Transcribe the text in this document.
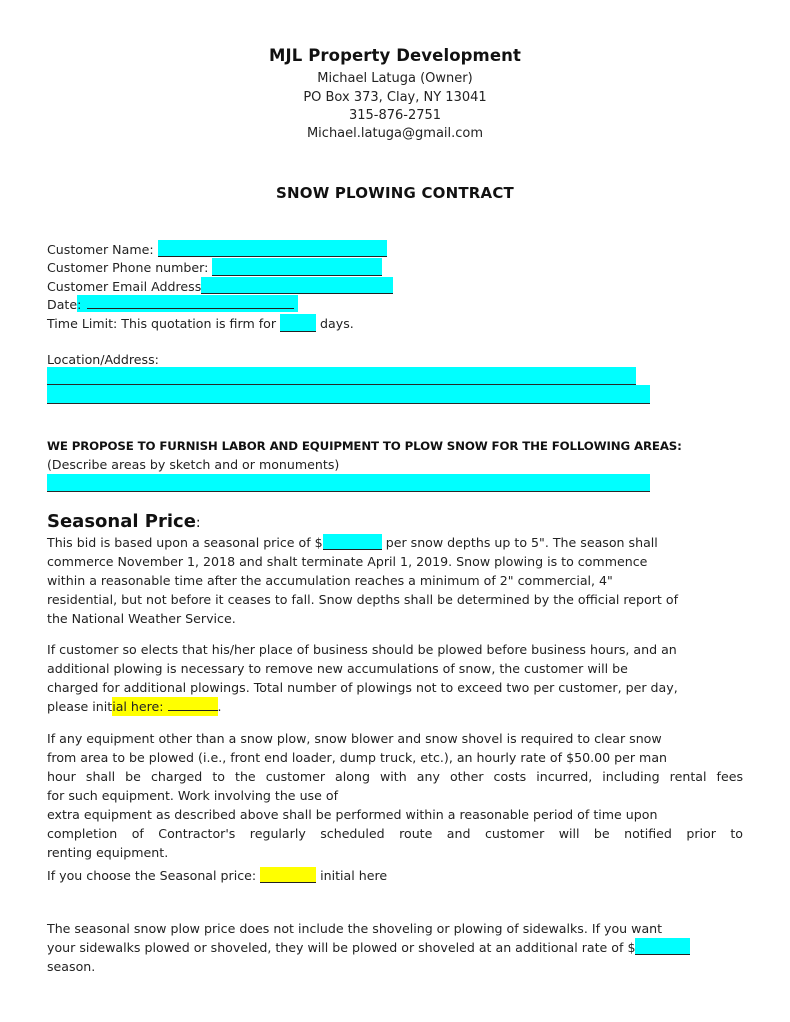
MJL Property Development
Michael Latuga (Owner)
PO Box 373, Clay, NY 13041
315-876-2751
Michael.latuga@gmail.com
SNOW PLOWING CONTRACT
Customer Name:
Customer Phone number:
Customer Email Address
Date:
Time Limit: This quotation is firm for	days.
Location/Address:
WE PROPOSE TO FURNISH LABOR AND EQUIPMENT TO PLOW SNOW FOR THE FOLLOWING AREAS:
(Describe areas by sketch and or monuments)
Seasonal Price:
This bid is based upon a seasonal price of $	per snow depths up to 5". The season shall
commerce November 1, 2018 and shalt terminate April 1, 2019. Snow plowing is to commence
within a reasonable time after the accumulation reaches a minimum of 2" commercial, 4"
residential, but not before it ceases to fall. Snow depths shall be determined by the official report of
the National Weather Service.
If customer so elects that his/her place of business should be plowed before business hours, and an
additional plowing is necessary to remove new accumulations of snow, the customer will be
charged for additional plowings. Total number of plowings not to exceed two per customer, per day,
please initial here:	.
If any equipment other than a snow plow, snow blower and snow shovel is required to clear snow
from area to be plowed (i.e., front end loader, dump truck, etc.), an hourly rate of $50.00 per man
hour shall be charged to the customer along with any other costs incurred, including rental fees
for such equipment. Work involving the use of
extra equipment as described above shall be performed within a reasonable period of time upon
completion of Contractor's regularly scheduled route and customer will be notified prior to
renting equipment.
If you choose the Seasonal price:	initial here
The seasonal snow plow price does not include the shoveling or plowing of sidewalks. If you want
your sidewalks plowed or shoveled, they will be plowed or shoveled at an additional rate of $
season.
